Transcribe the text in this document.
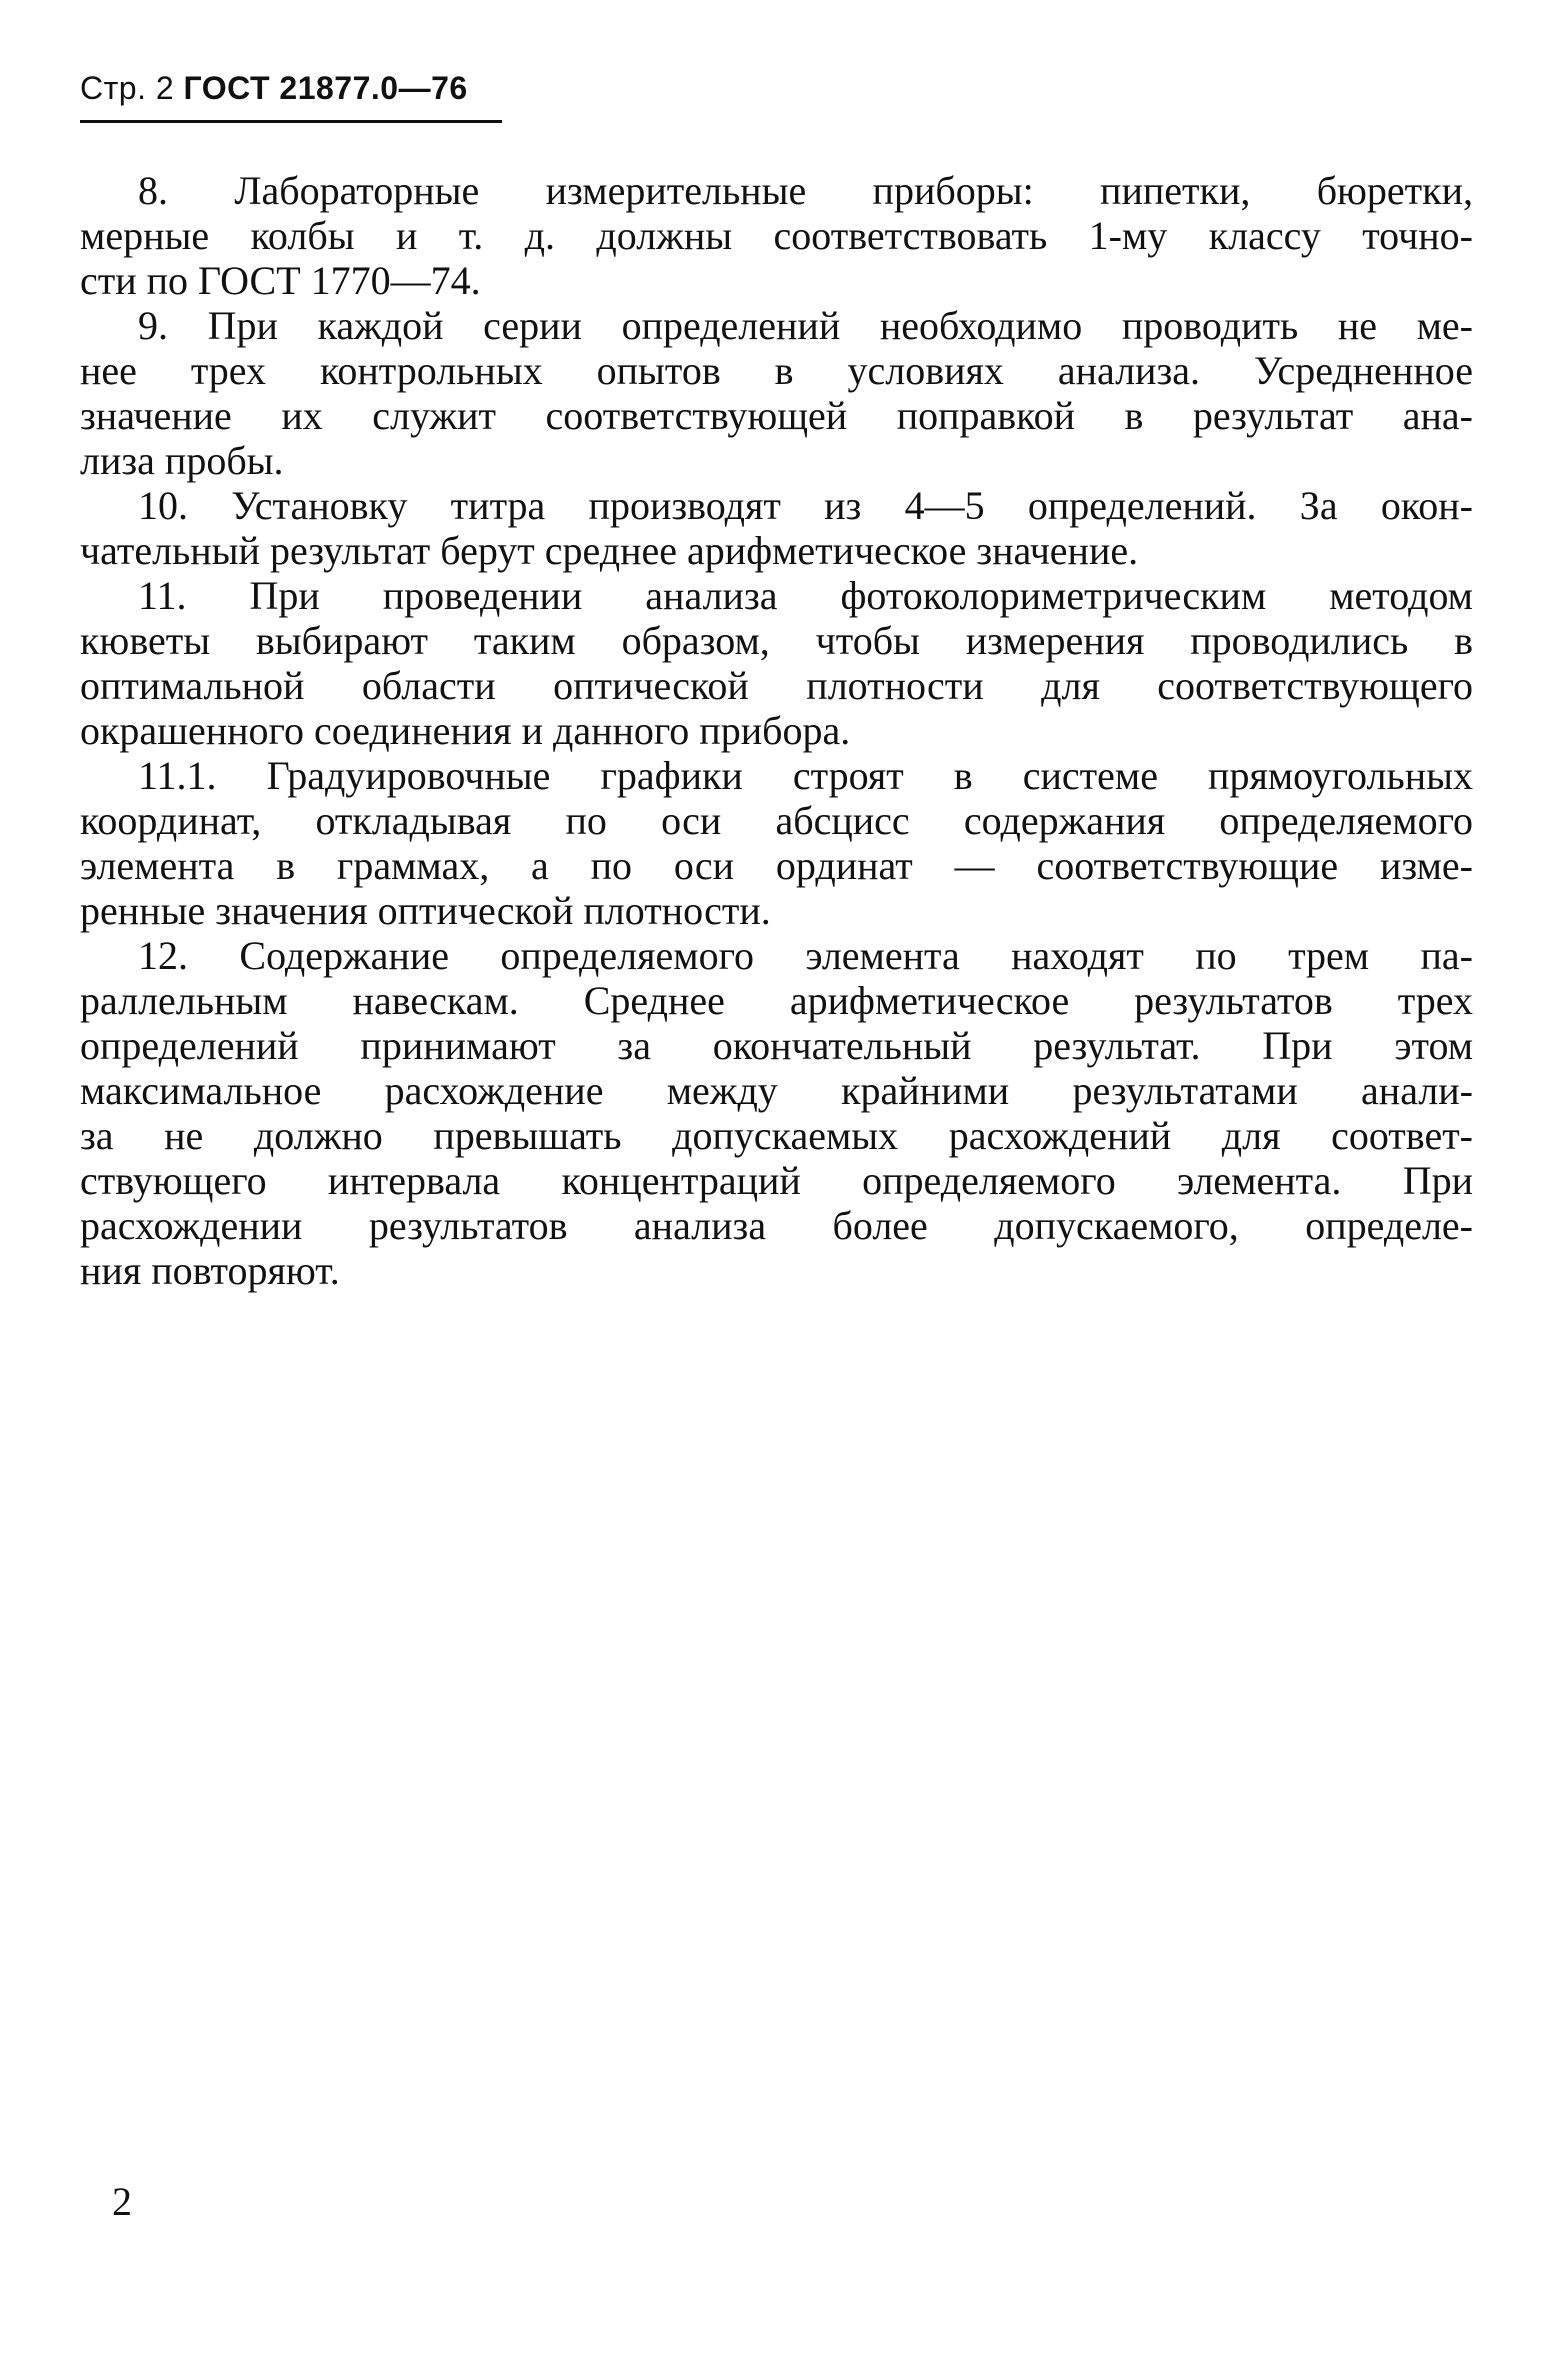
Стр. 2 ГОСТ 21877.0—76
8. Лабораторные измерительные приборы: пипетки, бюретки,
мерные колбы и т. д. должны соответствовать 1-му классу точно-
сти по ГОСТ 1770—74.
9. При каждой серии определений необходимо проводить не ме-
нее трех контрольных опытов в условиях анализа. Усредненное
значение их служит соответствующей поправкой в результат ана-
лиза пробы.
10. Установку титра производят из 4—5 определений. За окон-
чательный результат берут среднее арифметическое значение.
11. При проведении анализа фотоколориметрическим методом
кюветы выбирают таким образом, чтобы измерения проводились в
оптимальной области оптической плотности для соответствующего
окрашенного соединения и данного прибора.
11.1. Градуировочные графики строят в системе прямоугольных
координат, откладывая по оси абсцисс содержания определяемого
элемента в граммах, а по оси ординат — соответствующие изме-
ренные значения оптической плотности.
12. Содержание определяемого элемента находят по трем па-
раллельным навескам. Среднее арифметическое результатов трех
определений принимают за окончательный результат. При этом
максимальное расхождение между крайними результатами анали-
за не должно превышать допускаемых расхождений для соответ-
ствующего интервала концентраций определяемого элемента. При
расхождении результатов анализа более допускаемого, определе-
ния повторяют.
2
